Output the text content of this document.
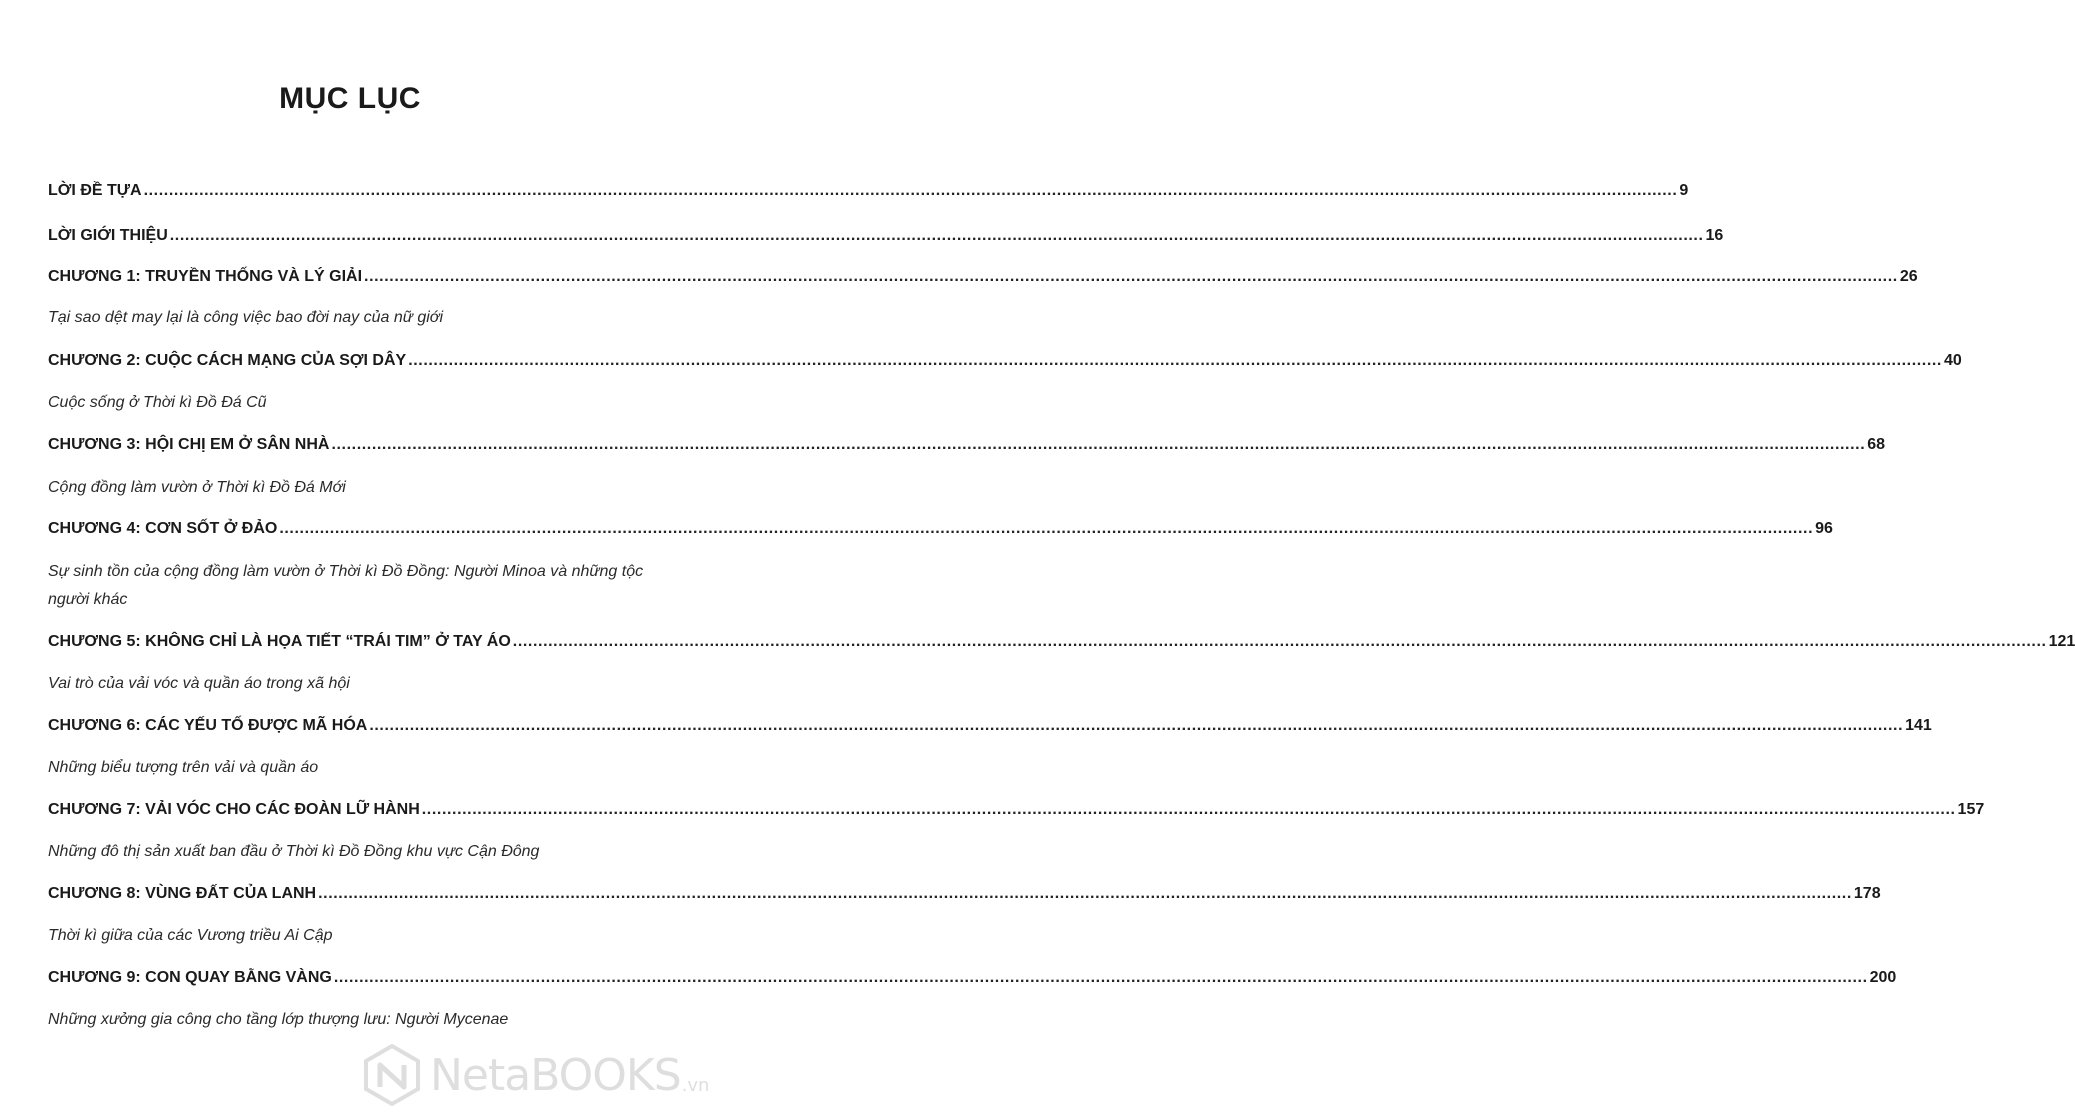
MỤC LỤC
LỜI ĐỀ TỰA .....	9
LỜI GIỚI THIỆU .....	16
CHƯƠNG 1: TRUYỀN THỐNG VÀ LÝ GIẢI .....	26
Tại sao dệt may lại là công việc bao đời nay của nữ giới
CHƯƠNG 2: CUỘC CÁCH MẠNG CỦA SỢI DÂY .....	40
Cuộc sống ở Thời kì Đồ Đá Cũ
CHƯƠNG 3: HỘI CHỊ EM Ở SÂN NHÀ .....	68
Cộng đồng làm vườn ở Thời kì Đồ Đá Mới
CHƯƠNG 4: CƠN SỐT Ở ĐẢO .....	96
Sự sinh tồn của cộng đồng làm vườn ở Thời kì Đồ Đồng: Người Minoa và những tộc người khác
CHƯƠNG 5: KHÔNG CHỈ LÀ HỌA TIẾT “TRÁI TIM” Ở TAY ÁO .....	121
Vai trò của vải vóc và quần áo trong xã hội
CHƯƠNG 6: CÁC YẾU TỐ ĐƯỢC MÃ HÓA .....	141
Những biểu tượng trên vải và quần áo
CHƯƠNG 7: VẢI VÓC CHO CÁC ĐOÀN LỮ HÀNH .....	157
Những đô thị sản xuất ban đầu ở Thời kì Đồ Đồng khu vực Cận Đông
CHƯƠNG 8: VÙNG ĐẤT CỦA LANH .....	178
Thời kì giữa của các Vương triều Ai Cập
CHƯƠNG 9: CON QUAY BẰNG VÀNG .....	200
Những xưởng gia công cho tầng lớp thượng lưu: Người Mycenae
NetaBOOKS .vn
